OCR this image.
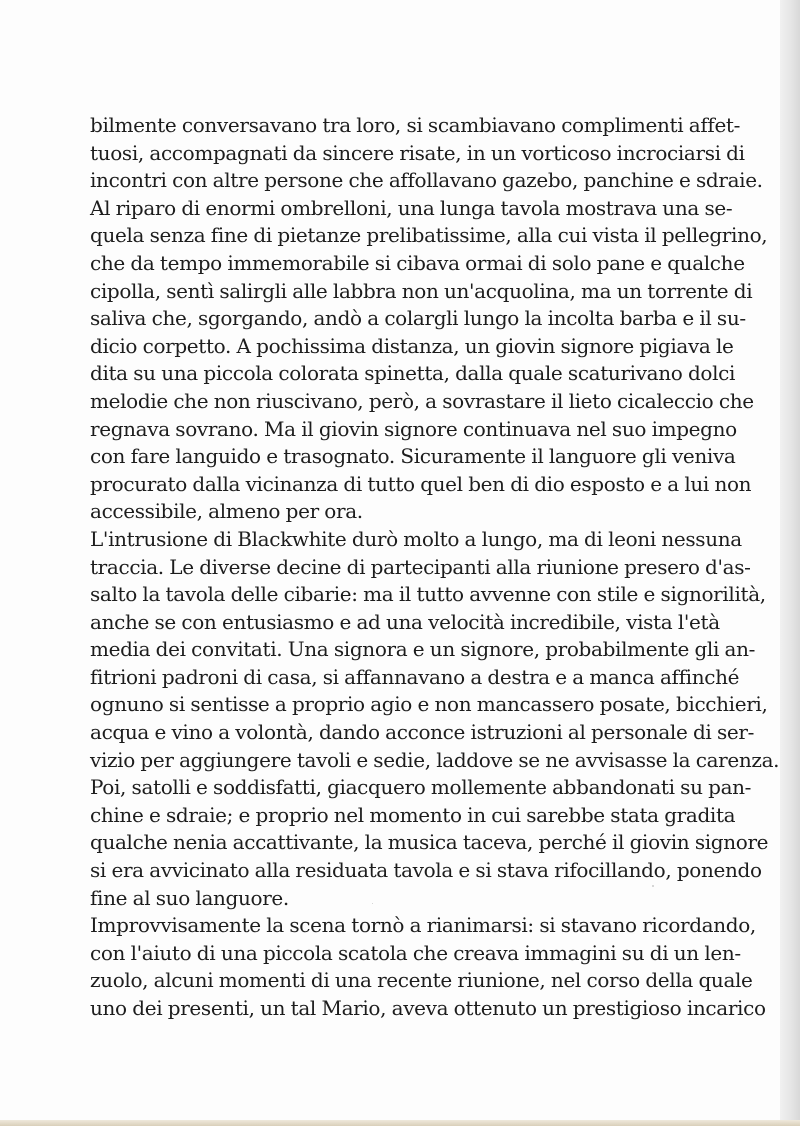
bilmente conversavano tra loro, si scambiavano complimenti affet-
tuosi, accompagnati da sincere risate, in un vorticoso incrociarsi di
incontri con altre persone che affollavano gazebo, panchine e sdraie.
Al riparo di enormi ombrelloni, una lunga tavola mostrava una se-
quela senza fine di pietanze prelibatissime, alla cui vista il pellegrino,
che da tempo immemorabile si cibava ormai di solo pane e qualche
cipolla, sentì salirgli alle labbra non un'acquolina, ma un torrente di
saliva che, sgorgando, andò a colargli lungo la incolta barba e il su-
dicio corpetto. A pochissima distanza, un giovin signore pigiava le
dita su una piccola colorata spinetta, dalla quale scaturivano dolci
melodie che non riuscivano, però, a sovrastare il lieto cicaleccio che
regnava sovrano. Ma il giovin signore continuava nel suo impegno
con fare languido e trasognato. Sicuramente il languore gli veniva
procurato dalla vicinanza di tutto quel ben di dio esposto e a lui non
accessibile, almeno per ora.
L'intrusione di Blackwhite durò molto a lungo, ma di leoni nessuna
traccia. Le diverse decine di partecipanti alla riunione presero d'as-
salto la tavola delle cibarie: ma il tutto avvenne con stile e signorilità,
anche se con entusiasmo e ad una velocità incredibile, vista l'età
media dei convitati. Una signora e un signore, probabilmente gli an-
fitrioni padroni di casa, si affannavano a destra e a manca affinché
ognuno si sentisse a proprio agio e non mancassero posate, bicchieri,
acqua e vino a volontà, dando acconce istruzioni al personale di ser-
vizio per aggiungere tavoli e sedie, laddove se ne avvisasse la carenza.
Poi, satolli e soddisfatti, giacquero mollemente abbandonati su pan-
chine e sdraie; e proprio nel momento in cui sarebbe stata gradita
qualche nenia accattivante, la musica taceva, perché il giovin signore
si era avvicinato alla residuata tavola e si stava rifocillando, ponendo
fine al suo languore.
Improvvisamente la scena tornò a rianimarsi: si stavano ricordando,
con l'aiuto di una piccola scatola che creava immagini su di un len-
zuolo, alcuni momenti di una recente riunione, nel corso della quale
uno dei presenti, un tal Mario, aveva ottenuto un prestigioso incarico
